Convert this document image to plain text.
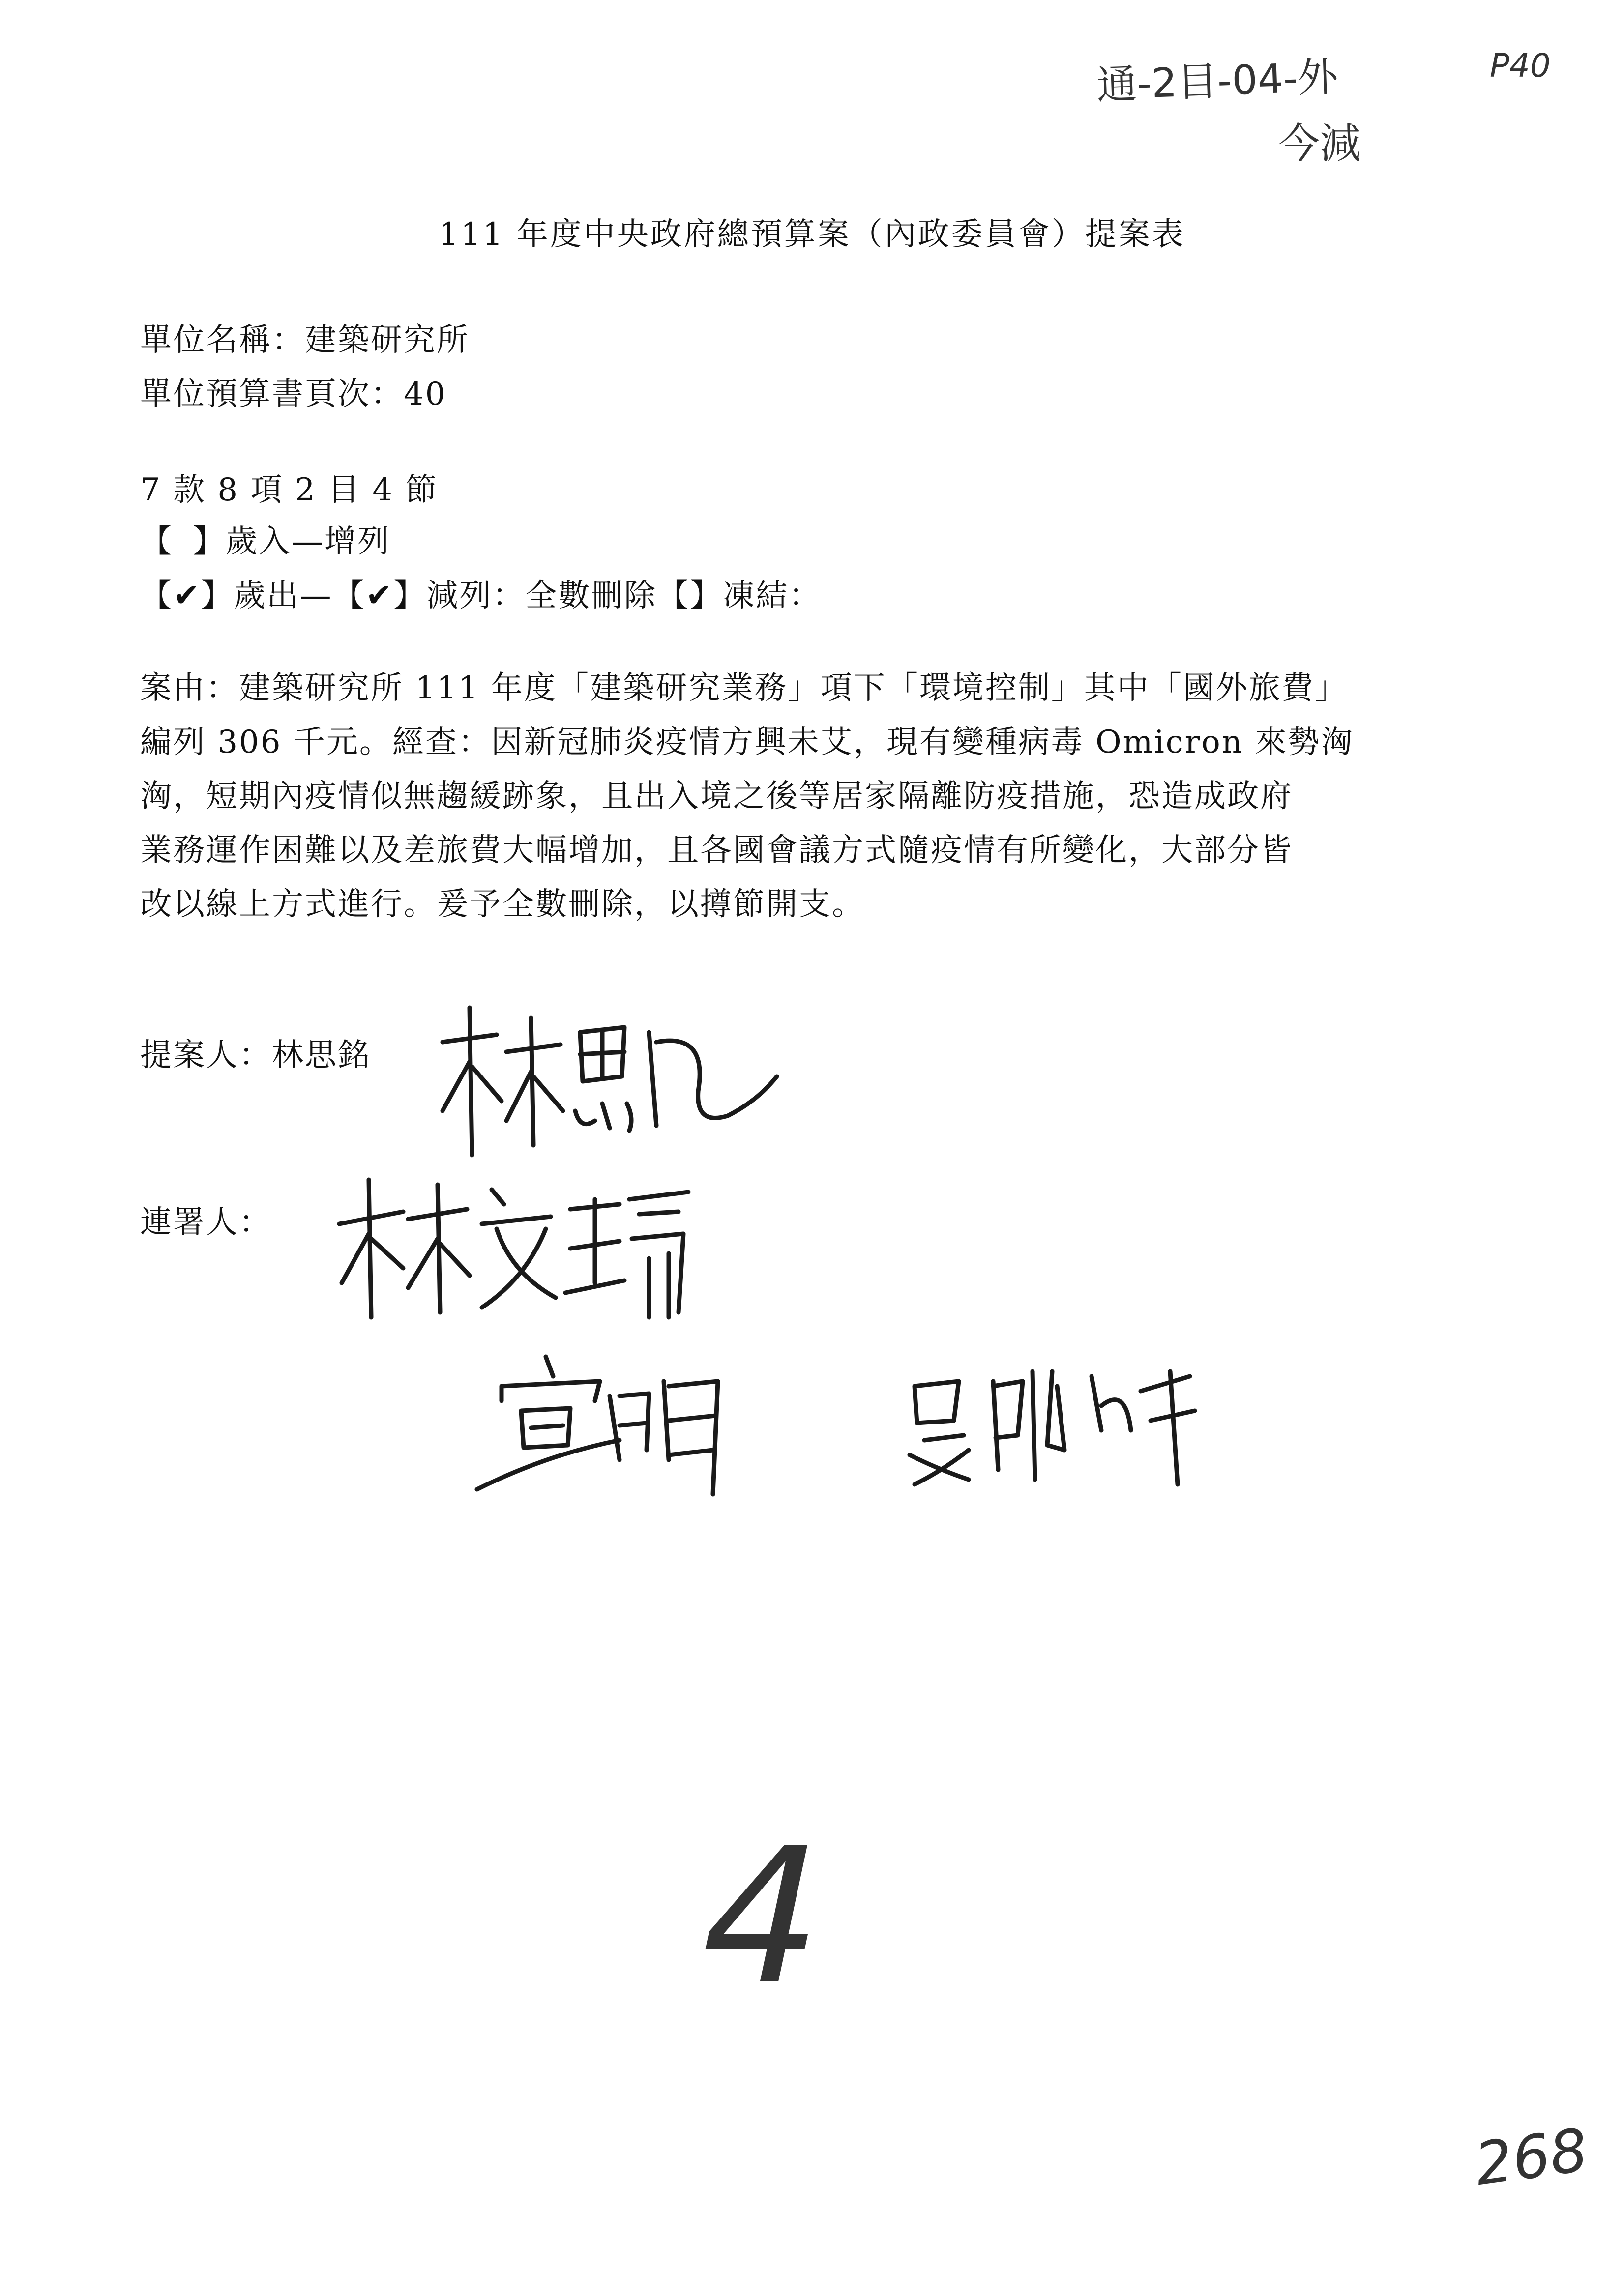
通-2目-04-外	P40
今減
111 年度中央政府總預算案（內政委員會）提案表
單位名稱：建築研究所
單位預算書頁次：40
7 款 8 項 2 目 4 節
【 】歲入—增列
【✔】歲出—【✔】減列：全數刪除【】凍結：
案由：建築研究所 111 年度「建築研究業務」項下「環境控制」其中「國外旅費」
編列 306 千元。經查：因新冠肺炎疫情方興未艾，現有變種病毒 Omicron 來勢洶
洶，短期內疫情似無趨緩跡象，且出入境之後等居家隔離防疫措施，恐造成政府
業務運作困難以及差旅費大幅增加，且各國會議方式隨疫情有所變化，大部分皆
改以線上方式進行。爰予全數刪除，以撙節開支。
提案人：林思銘
連署人：
4
268
